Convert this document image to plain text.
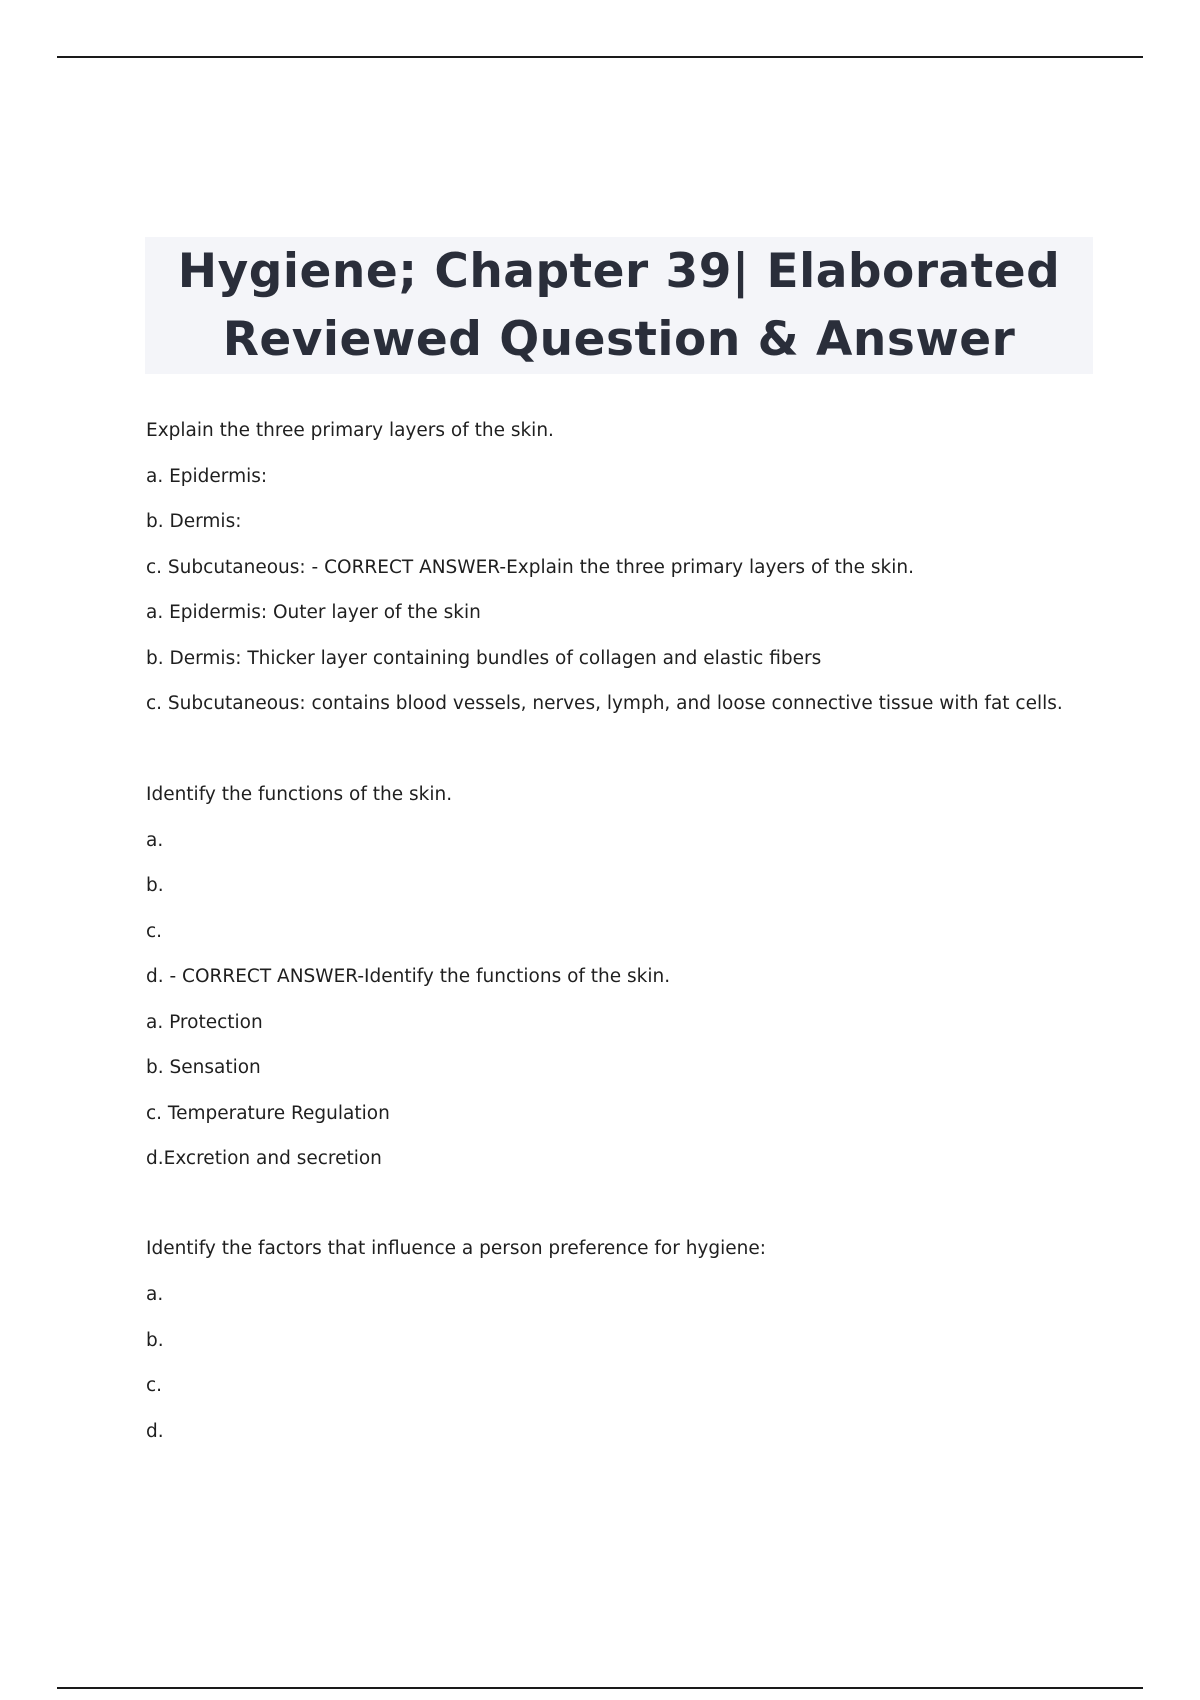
Hygiene; Chapter 39| Elaborated
Reviewed Question & Answer
Explain the three primary layers of the skin.
a. Epidermis:
b. Dermis:
c. Subcutaneous: - CORRECT ANSWER-Explain the three primary layers of the skin.
a. Epidermis: Outer layer of the skin
b. Dermis: Thicker layer containing bundles of collagen and elastic fibers
c. Subcutaneous: contains blood vessels, nerves, lymph, and loose connective tissue with fat cells.
Identify the functions of the skin.
a.
b.
c.
d. - CORRECT ANSWER-Identify the functions of the skin.
a. Protection
b. Sensation
c. Temperature Regulation
d.Excretion and secretion
Identify the factors that influence a person preference for hygiene:
a.
b.
c.
d.
